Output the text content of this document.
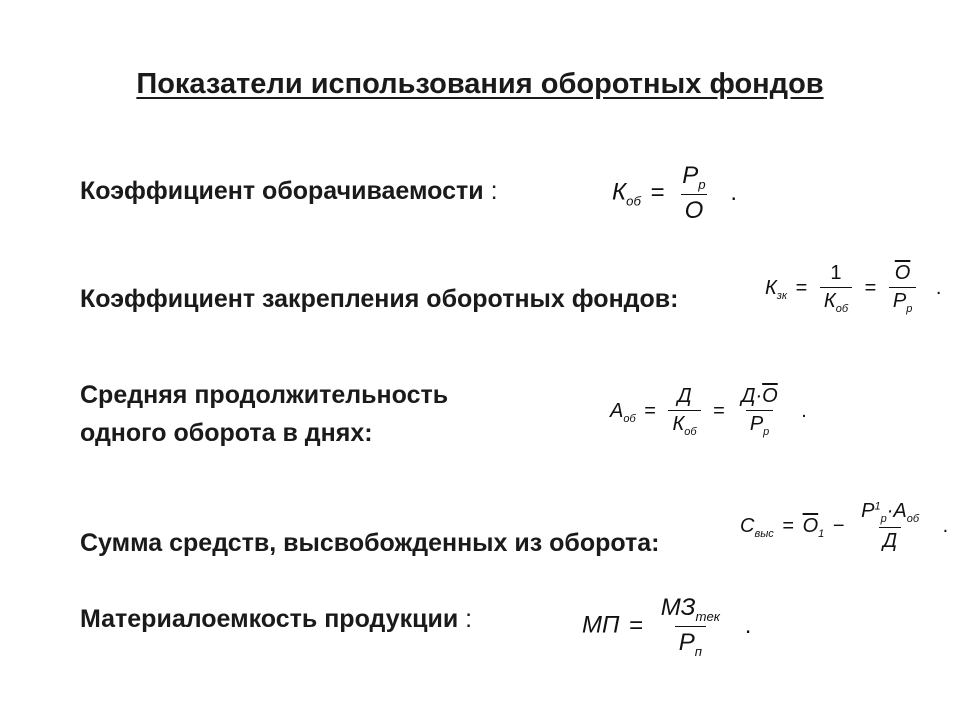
Показатели использования оборотных фондов
Коэффициент оборачиваемости :	$К_{об} = \frac{Р_р}{О}$ .
Коэффициент закрепления оборотных фондов:	$К_{зк} = \frac{1}{К_{об}} = \frac{О}{Р_р}$ .
Средняя продолжительность
одного оборота в днях:
$А_{об} = \frac{Д}{К_{об}} = \frac{Д\cdot О}{Р_р}$ .
Сумма средств, высвобожденных из оборота:
$С_{выс} = О_1 - \frac{Р^1_р\cdot А_{об}}{Д}$ .
Материалоемкость продукции :	МП = $\frac{МЗ_{тек}}{Р_п}$ .
